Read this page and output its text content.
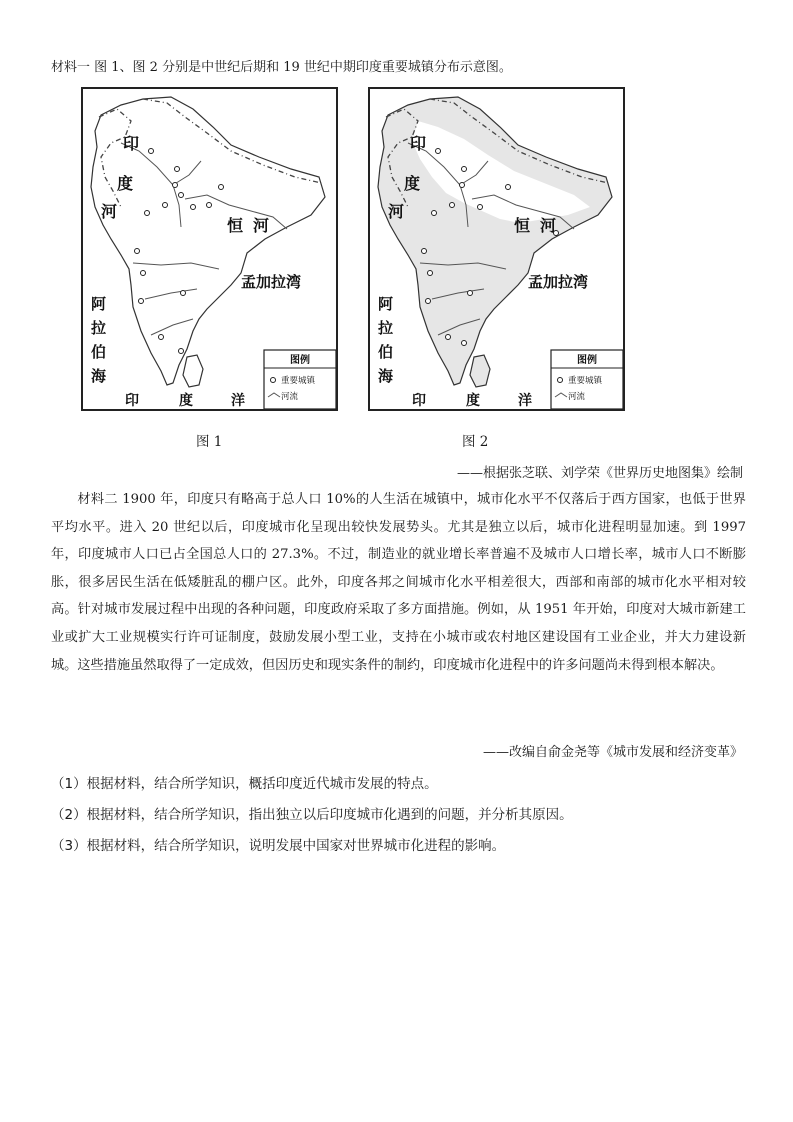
材料一 图 1、图 2 分别是中世纪后期和 19 世纪中期印度重要城镇分布示意图。
印
度
河
恒 河
孟加拉湾
阿
拉
伯
海
印	度	洋
图例
重要城镇
河流
图 1
印
度
河
恒 河
孟加拉湾
阿
拉
伯
海
印	度	洋
图例
重要城镇
河流
图 2
——根据张芝联、刘学荣《世界历史地图集》绘制

材料二 1900 年，印度只有略高于总人口 10%的人生活在城镇中，城市化水平不仅落后于西方国家，也低于世界平均水平。进入 20 世纪以后，印度城市化呈现出较快发展势头。尤其是独立以后，城市化进程明显加速。到 1997 年，印度城市人口已占全国总人口的 27.3%。不过，制造业的就业增长率普遍不及城市人口增长率，城市人口不断膨胀，很多居民生活在低矮脏乱的棚户区。此外，印度各邦之间城市化水平相差很大，西部和南部的城市化水平相对较高。针对城市发展过程中出现的各种问题，印度政府采取了多方面措施。例如，从 1951 年开始，印度对大城市新建工业或扩大工业规模实行许可证制度，鼓励发展小型工业，支持在小城市或农村地区建设国有工业企业，并大力建设新城。这些措施虽然取得了一定成效，但因历史和现实条件的制约，印度城市化进程中的许多问题尚未得到根本解决。

——改编自俞金尧等《城市发展和经济变革》
（1）根据材料，结合所学知识，概括印度近代城市发展的特点。
（2）根据材料，结合所学知识，指出独立以后印度城市化遇到的问题，并分析其原因。
（3）根据材料，结合所学知识，说明发展中国家对世界城市化进程的影响。
